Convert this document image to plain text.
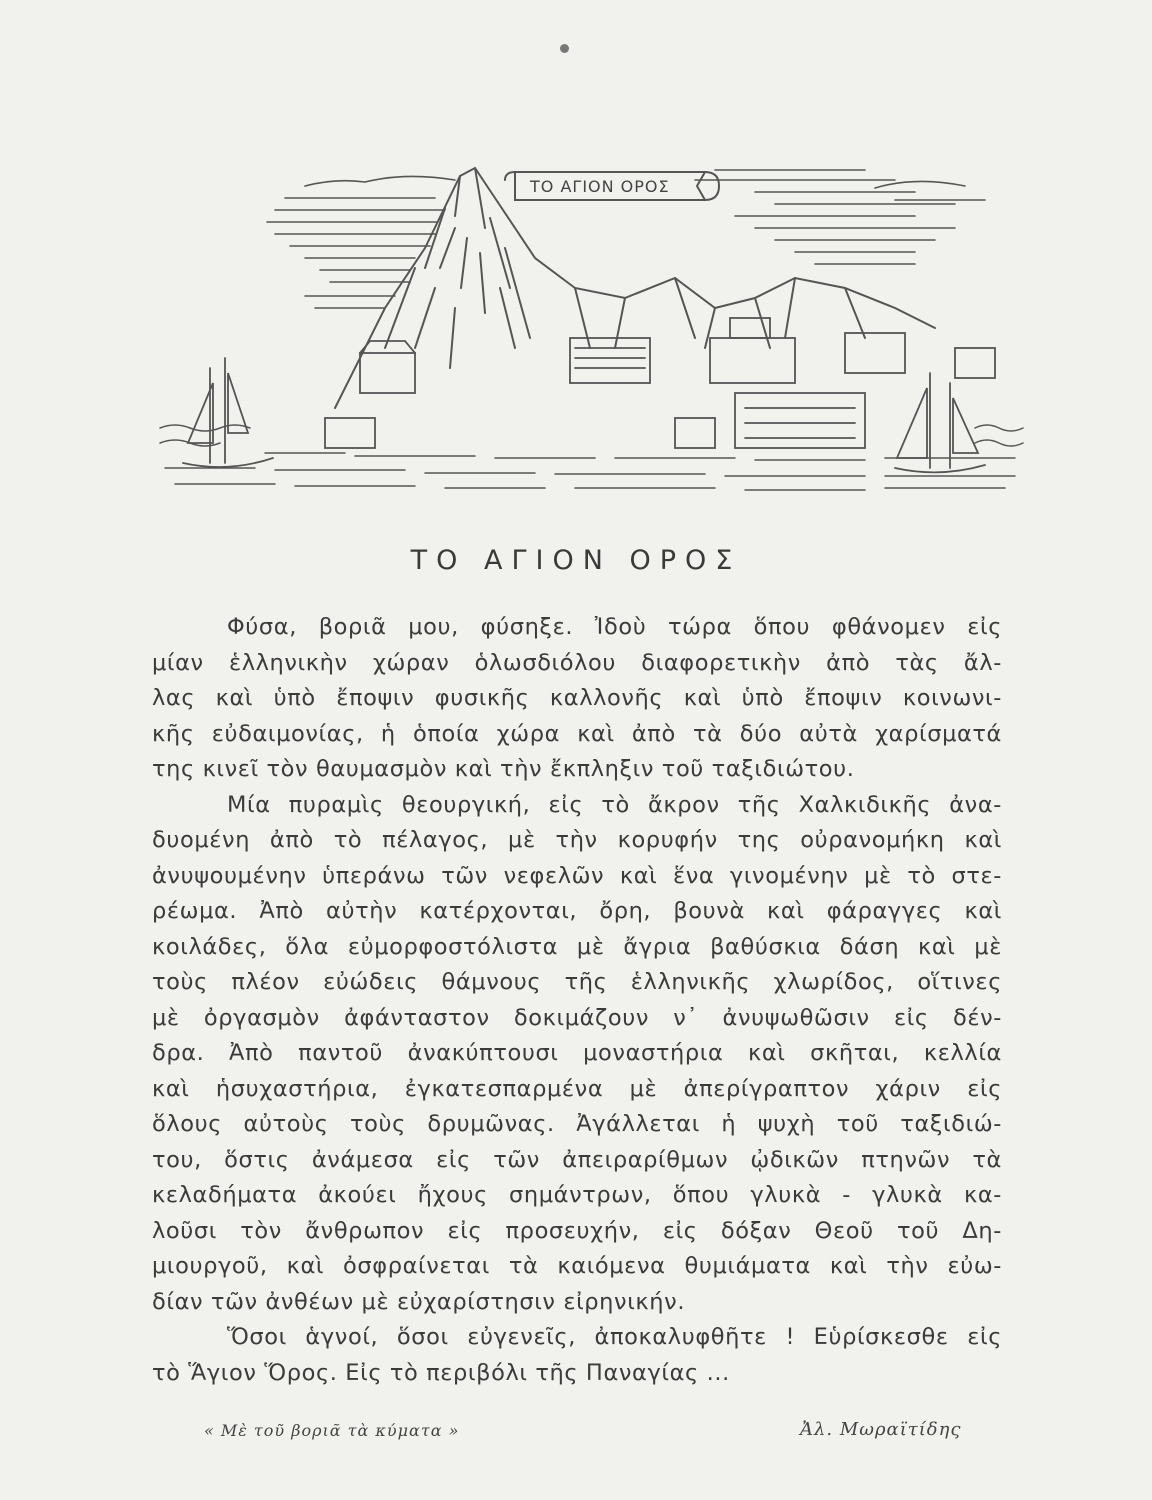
ΤΟ ΑΓΙΟΝ ΟΡΟΣ
ΤΟ ΑΓΙΟΝ ΟΡΟΣ
Φύσα, βοριᾶ μου, φύσηξε. Ἰδοὺ τώρα ὅπου φθάνομεν εἰς
μίαν ἑλληνικὴν χώραν ὁλωσδιόλου διαφορετικὴν ἀπὸ τὰς ἄλ-
λας καὶ ὑπὸ ἔποψιν φυσικῆς καλλονῆς καὶ ὑπὸ ἔποψιν κοινωνι-
κῆς εὐδαιμονίας, ἡ ὁποία χώρα καὶ ἀπὸ τὰ δύο αὐτὰ χαρίσματά
της κινεῖ τὸν θαυμασμὸν καὶ τὴν ἔκπληξιν τοῦ ταξιδιώτου.
Μία πυραμὶς θεουργική, εἰς τὸ ἄκρον τῆς Χαλκιδικῆς ἀνα-
δυομένη ἀπὸ τὸ πέλαγος, μὲ τὴν κορυφήν της οὐρανομήκη καὶ
ἀνυψουμένην ὑπεράνω τῶν νεφελῶν καὶ ἕνα γινομένην μὲ τὸ στε-
ρέωμα. Ἀπὸ αὐτὴν κατέρχονται, ὄρη, βουνὰ καὶ φάραγγες καὶ
κοιλάδες, ὅλα εὐμορφοστόλιστα μὲ ἄγρια βαθύσκια δάση καὶ μὲ
τοὺς πλέον εὐώδεις θάμνους τῆς ἑλληνικῆς χλωρίδος, οἵτινες
μὲ ὀργασμὸν ἀφάνταστον δοκιμάζουν ν᾽ ἀνυψωθῶσιν εἰς δέν-
δρα. Ἀπὸ παντοῦ ἀνακύπτουσι μοναστήρια καὶ σκῆται, κελλία
καὶ ἡσυχαστήρια, ἐγκατεσπαρμένα μὲ ἀπερίγραπτον χάριν εἰς
ὅλους αὐτοὺς τοὺς δρυμῶνας. Ἀγάλλεται ἡ ψυχὴ τοῦ ταξιδιώ-
του, ὅστις ἀνάμεσα εἰς τῶν ἀπειραρίθμων ᾠδικῶν πτηνῶν τὰ
κελαδήματα ἀκούει ἤχους σημάντρων, ὅπου γλυκὰ - γλυκὰ κα-
λοῦσι τὸν ἄνθρωπον εἰς προσευχήν, εἰς δόξαν Θεοῦ τοῦ Δη-
μιουργοῦ, καὶ ὀσφραίνεται τὰ καιόμενα θυμιάματα καὶ τὴν εὐω-
δίαν τῶν ἀνθέων μὲ εὐχαρίστησιν εἰρηνικήν.
Ὅσοι ἁγνοί, ὅσοι εὐγενεῖς, ἀποκαλυφθῆτε ! Εὑρίσκεσθε εἰς
τὸ Ἅγιον Ὅρος. Εἰς τὸ περιβόλι τῆς Παναγίας ...
« Μὲ τοῦ βοριᾶ τὰ κύματα »	Ἀλ. Μωραϊτίδης
